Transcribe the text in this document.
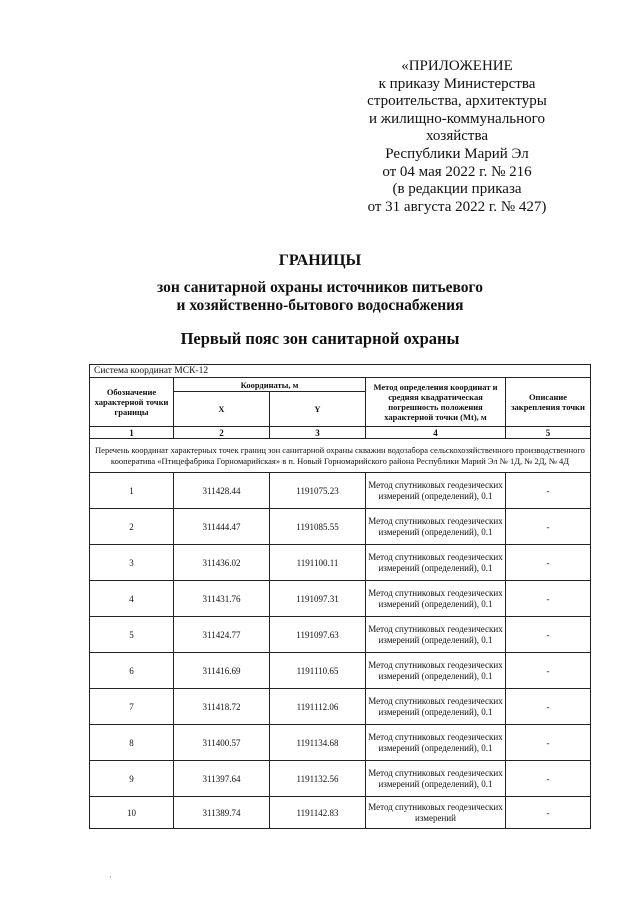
«ПРИЛОЖЕНИЕ
к приказу Министерства
строительства, архитектуры
и жилищно-коммунального
хозяйства
Республики Марий Эл
от 04 мая 2022 г. № 216
(в редакции приказа
от 31 августа 2022 г. № 427)
ГРАНИЦЫ
зон санитарной охраны источников питьевого
и хозяйственно-бытового водоснабжения
Первый пояс зон санитарной охраны
Система координат МСК-12				
Обозначение характерной точки границы	Координаты, м		Метод определения координат и средняя квадратическая погрешность положения характерной точки (Mt), м	Описание закрепления точки
	X	Y		
1	2	3	4	5
Перечень координат характерных точек границ зон санитарной охраны скважин водозабора сельскохозяйственного производственного кооператива «Птицефабрика Горномарийская» в п. Новый Горномарийского района Республики Марий Эл № 1Д, № 2Д, № 4Д				
1	311428.44	1191075.23	Метод спутниковых геодезических измерений (определений), 0.1	-
2	311444.47	1191085.55	Метод спутниковых геодезических измерений (определений), 0.1	-
3	311436.02	1191100.11	Метод спутниковых геодезических измерений (определений), 0.1	-
4	311431.76	1191097.31	Метод спутниковых геодезических измерений (определений), 0.1	-
5	311424.77	1191097.63	Метод спутниковых геодезических измерений (определений), 0.1	-
6	311416.69	1191110.65	Метод спутниковых геодезических измерений (определений), 0.1	-
7	311418.72	1191112.06	Метод спутниковых геодезических измерений (определений), 0.1	-
8	311400.57	1191134.68	Метод спутниковых геодезических измерений (определений), 0.1	-
9	311397.64	1191132.56	Метод спутниковых геодезических измерений (определений), 0.1	-
10	311389.74	1191142.83	Метод спутниковых геодезических измерений	-
·
